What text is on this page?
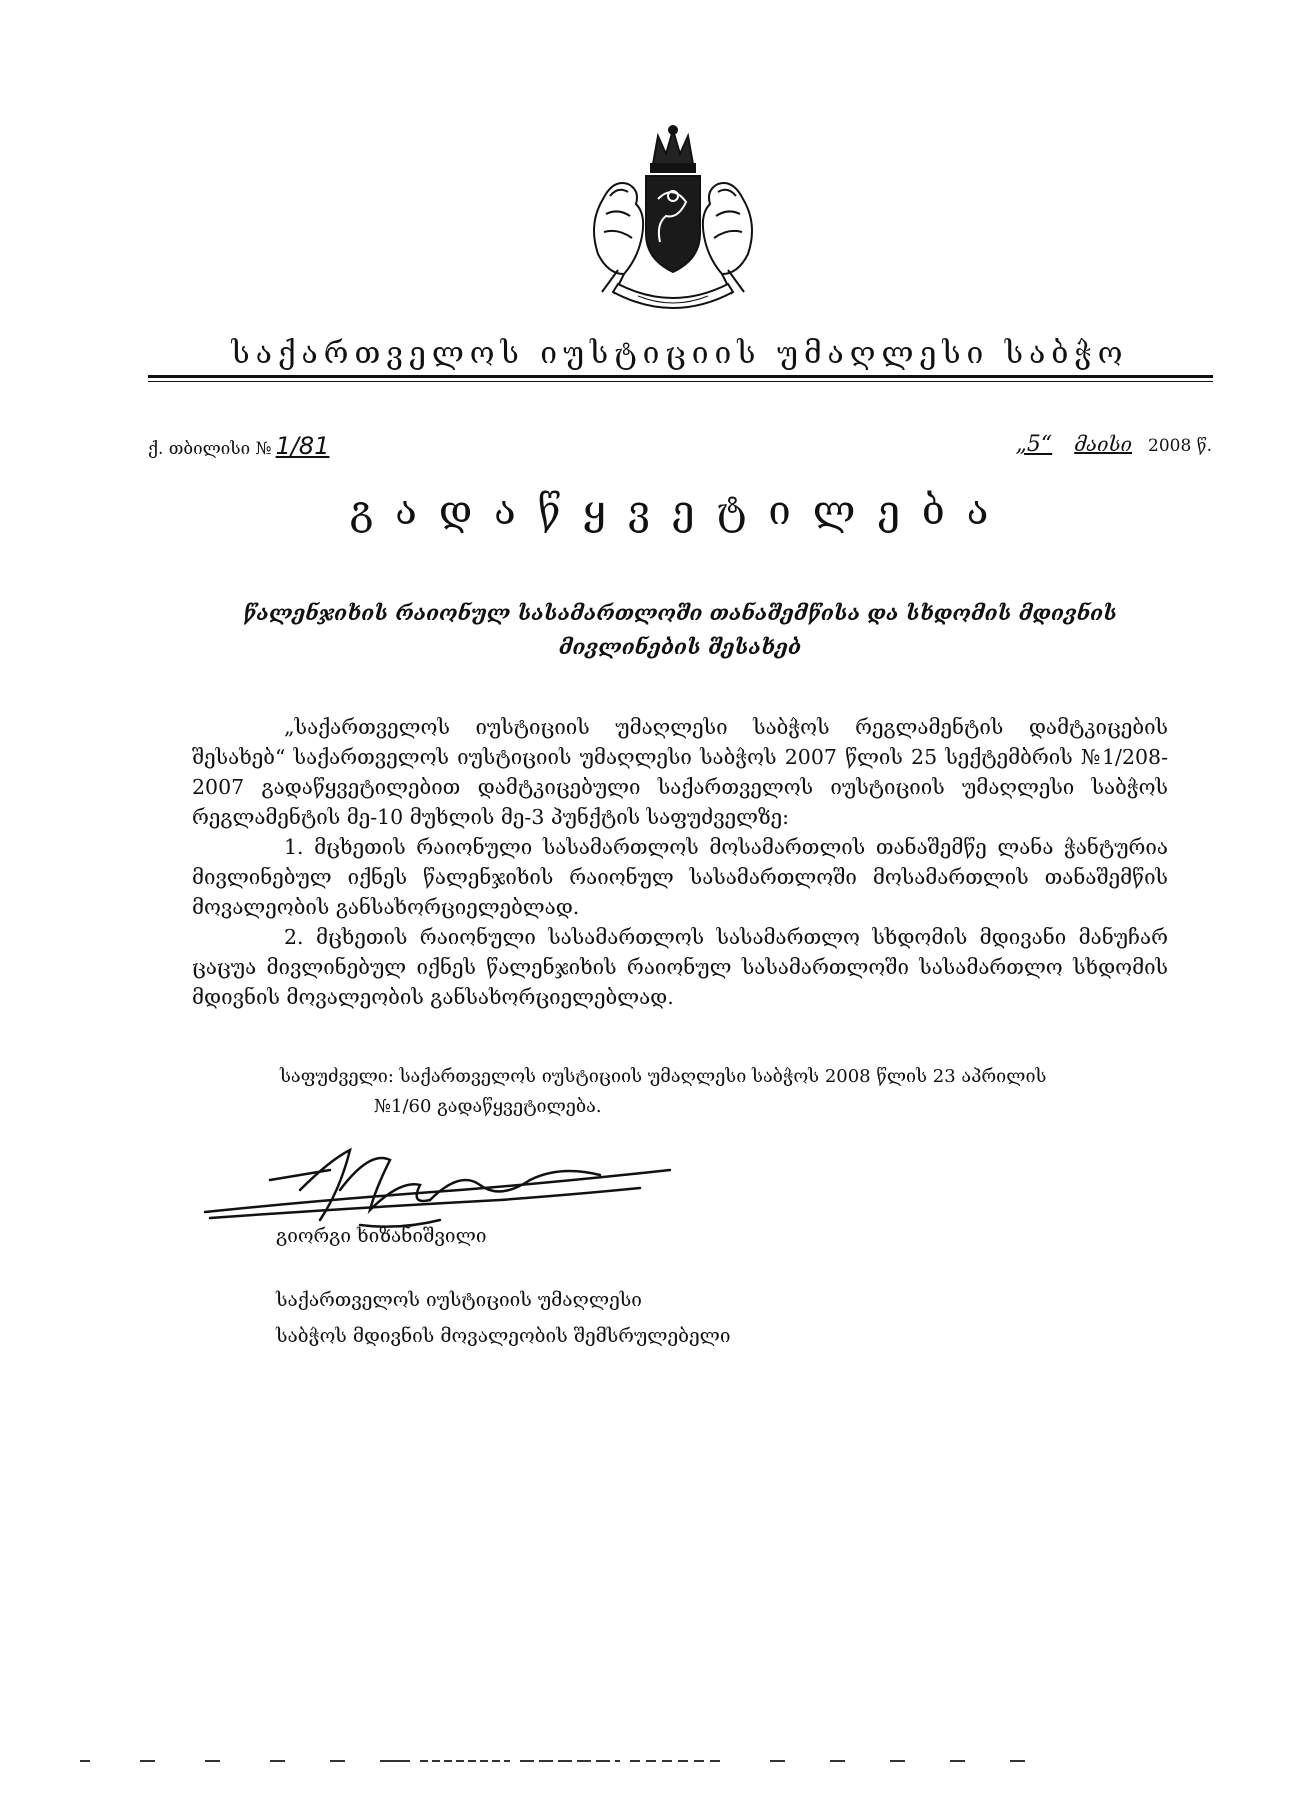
საქართველოს იუსტიციის უმაღლესი საბჭო
ქ. თბილისი № 1/81	„5“ მაისი 2008 წ.
გადაწყვეტილება
წალენჯიხის რაიონულ სასამართლოში თანაშემწისა და სხდომის მდივნის
მივლინების შესახებ

„საქართველოს იუსტიციის უმაღლესი საბჭოს რეგლამენტის დამტკიცების შესახებ“ საქართველოს იუსტიციის უმაღლესი საბჭოს 2007 წლის 25 სექტემბრის №1/208-2007 გადაწყვეტილებით დამტკიცებული საქართველოს იუსტიციის უმაღლესი საბჭოს რეგლამენტის მე-10 მუხლის მე-3 პუნქტის საფუძველზე:

1. მცხეთის რაიონული სასამართლოს მოსამართლის თანაშემწე ლანა ჭანტურია მივლინებულ იქნეს წალენჯიხის რაიონულ სასამართლოში მოსამართლის თანაშემწის მოვალეობის განსახორციელებლად.

2. მცხეთის რაიონული სასამართლოს სასამართლო სხდომის მდივანი მანუჩარ ცაცუა მივლინებულ იქნეს წალენჯიხის რაიონულ სასამართლოში სასამართლო სხდომის მდივნის მოვალეობის განსახორციელებლად.

საფუძველი: საქართველოს იუსტიციის უმაღლესი საბჭოს 2008 წლის 23 აპრილის
№1/60 გადაწყვეტილება.
გიორგი ხიზანიშვილი
საქართველოს იუსტიციის უმაღლესი
საბჭოს მდივნის მოვალეობის შემსრულებელი
